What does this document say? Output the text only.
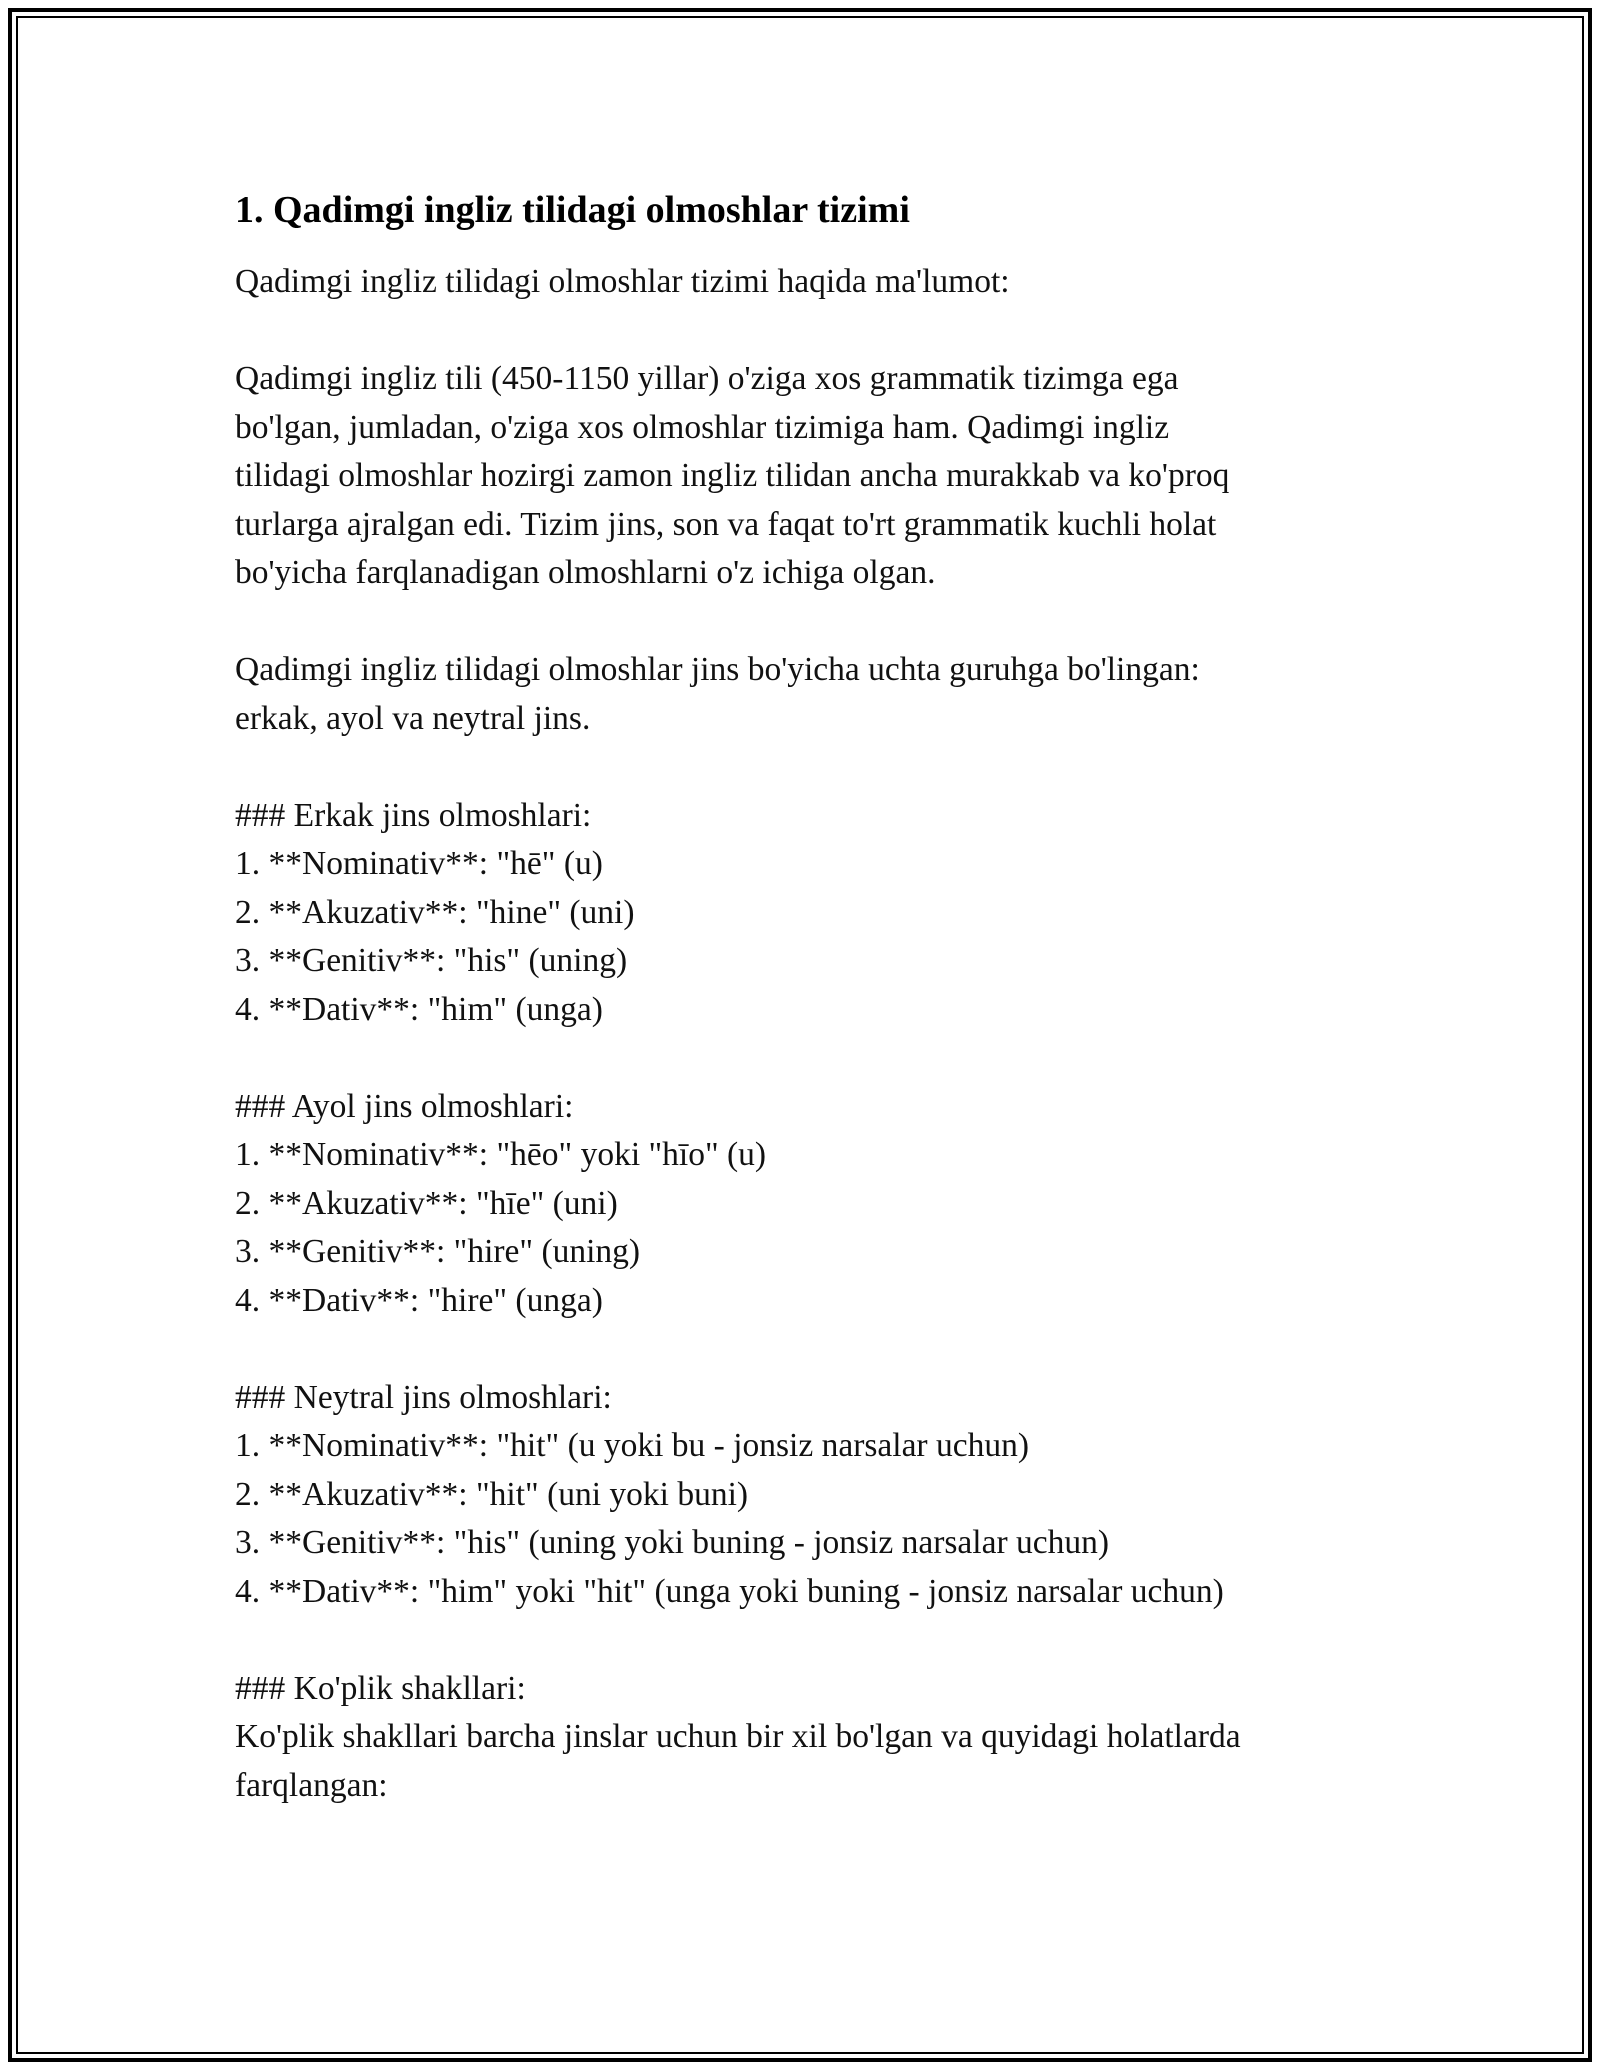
1. Qadimgi ingliz tilidagi olmoshlar tizimi

Qadimgi ingliz tilidagi olmoshlar tizimi haqida ma'lumot:

Qadimgi ingliz tili (450-1150 yillar) o'ziga xos grammatik tizimga ega
bo'lgan, jumladan, o'ziga xos olmoshlar tizimiga ham. Qadimgi ingliz
tilidagi olmoshlar hozirgi zamon ingliz tilidan ancha murakkab va ko'proq
turlarga ajralgan edi. Tizim jins, son va faqat to'rt grammatik kuchli holat
bo'yicha farqlanadigan olmoshlarni o'z ichiga olgan.

Qadimgi ingliz tilidagi olmoshlar jins bo'yicha uchta guruhga bo'lingan:
erkak, ayol va neytral jins.

### Erkak jins olmoshlari:
1. **Nominativ**: "hē" (u)
2. **Akuzativ**: "hine" (uni)
3. **Genitiv**: "his" (uning)
4. **Dativ**: "him" (unga)
### Ayol jins olmoshlari:
1. **Nominativ**: "hēo" yoki "hīo" (u)
2. **Akuzativ**: "hīe" (uni)
3. **Genitiv**: "hire" (uning)
4. **Dativ**: "hire" (unga)
### Neytral jins olmoshlari:
1. **Nominativ**: "hit" (u yoki bu - jonsiz narsalar uchun)
2. **Akuzativ**: "hit" (uni yoki buni)
3. **Genitiv**: "his" (uning yoki buning - jonsiz narsalar uchun)
4. **Dativ**: "him" yoki "hit" (unga yoki buning - jonsiz narsalar uchun)
### Ko'plik shakllari:
Ko'plik shakllari barcha jinslar uchun bir xil bo'lgan va quyidagi holatlarda
farqlangan:
